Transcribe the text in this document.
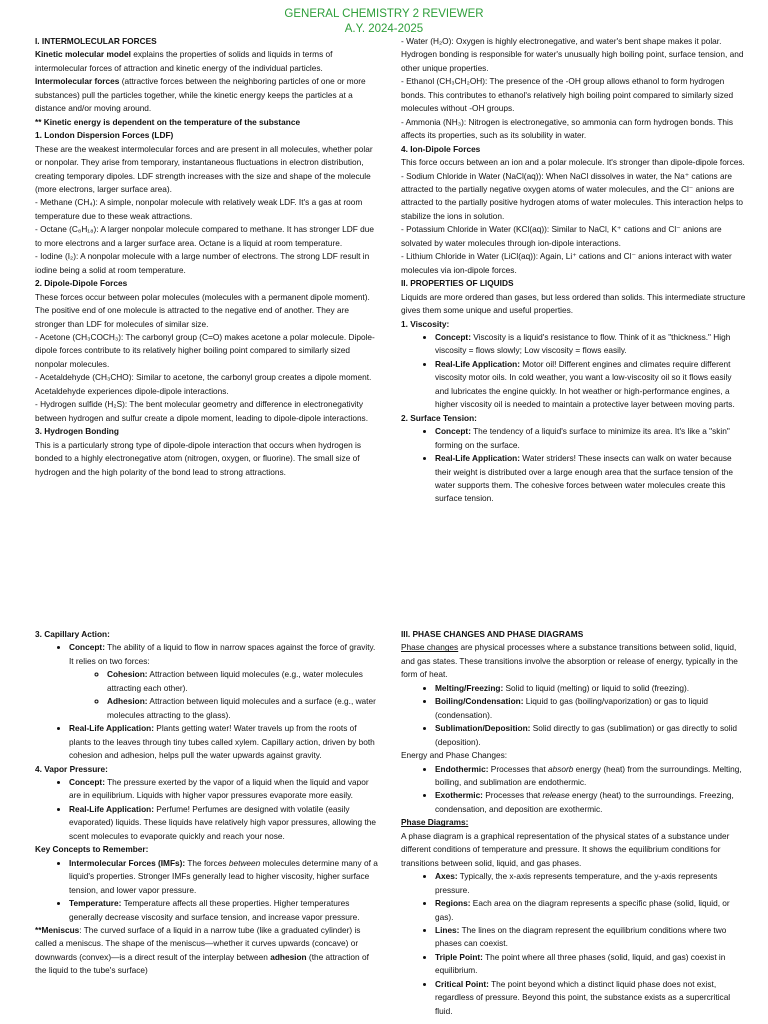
GENERAL CHEMISTRY 2 REVIEWER
A.Y. 2024-2025

I. INTERMOLECULAR FORCES

Kinetic molecular model explains the properties of solids and liquids in terms of intermolecular forces of attraction and kinetic energy of the individual particles.

Intermolecular forces (attractive forces between the neighboring particles of one or more substances) pull the particles together, while the kinetic energy keeps the particles at a distance and/or moving around.

** Kinetic energy is dependent on the temperature of the substance

1. London Dispersion Forces (LDF)

These are the weakest intermolecular forces and are present in all molecules, whether polar or nonpolar. They arise from temporary, instantaneous fluctuations in electron distribution, creating temporary dipoles. LDF strength increases with the size and shape of the molecule (more electrons, larger surface area).

- Methane (CH₄): A simple, nonpolar molecule with relatively weak LDF. It's a gas at room temperature due to these weak attractions.

- Octane (C₈H₁₈): A larger nonpolar molecule compared to methane. It has stronger LDF due to more electrons and a larger surface area. Octane is a liquid at room temperature.

- Iodine (I₂): A nonpolar molecule with a large number of electrons. The strong LDF result in iodine being a solid at room temperature.

2. Dipole-Dipole Forces

These forces occur between polar molecules (molecules with a permanent dipole moment). The positive end of one molecule is attracted to the negative end of another. They are stronger than LDF for molecules of similar size.

- Acetone (CH₃COCH₃): The carbonyl group (C=O) makes acetone a polar molecule. Dipole-dipole forces contribute to its relatively higher boiling point compared to similarly sized nonpolar molecules.

- Acetaldehyde (CH₃CHO): Similar to acetone, the carbonyl group creates a dipole moment. Acetaldehyde experiences dipole-dipole interactions.

- Hydrogen sulfide (H₂S): The bent molecular geometry and difference in electronegativity between hydrogen and sulfur create a dipole moment, leading to dipole-dipole interactions.

3. Hydrogen Bonding

This is a particularly strong type of dipole-dipole interaction that occurs when hydrogen is bonded to a highly electronegative atom (nitrogen, oxygen, or fluorine). The small size of hydrogen and the high polarity of the bond lead to strong attractions.

- Water (H₂O): Oxygen is highly electronegative, and water's bent shape makes it polar. Hydrogen bonding is responsible for water's unusually high boiling point, surface tension, and other unique properties.

- Ethanol (CH₃CH₂OH): The presence of the -OH group allows ethanol to form hydrogen bonds. This contributes to ethanol's relatively high boiling point compared to similarly sized molecules without -OH groups.

- Ammonia (NH₃): Nitrogen is electronegative, so ammonia can form hydrogen bonds. This affects its properties, such as its solubility in water.

4. Ion-Dipole Forces

This force occurs between an ion and a polar molecule. It's stronger than dipole-dipole forces.

- Sodium Chloride in Water (NaCl(aq)): When NaCl dissolves in water, the Na⁺ cations are attracted to the partially negative oxygen atoms of water molecules, and the Cl⁻ anions are attracted to the partially positive hydrogen atoms of water molecules. This interaction helps to stabilize the ions in solution.

- Potassium Chloride in Water (KCl(aq)): Similar to NaCl, K⁺ cations and Cl⁻ anions are solvated by water molecules through ion-dipole interactions.

- Lithium Chloride in Water (LiCl(aq)): Again, Li⁺ cations and Cl⁻ anions interact with water molecules via ion-dipole forces.

II. PROPERTIES OF LIQUIDS

Liquids are more ordered than gases, but less ordered than solids. This intermediate structure gives them some unique and useful properties.

1. Viscosity:

• Concept: Viscosity is a liquid's resistance to flow. Think of it as "thickness." High viscosity = flows slowly; Low viscosity = flows easily.
• Real-Life Application: Motor oil! Different engines and climates require different viscosity motor oils. In cold weather, you want a low-viscosity oil so it flows easily and lubricates the engine quickly. In hot weather or high-performance engines, a higher viscosity oil is needed to maintain a protective layer between moving parts.

2. Surface Tension:

• Concept: The tendency of a liquid's surface to minimize its area. It's like a "skin" forming on the surface.
• Real-Life Application: Water striders! These insects can walk on water because their weight is distributed over a large enough area that the surface tension of the water supports them. The cohesive forces between water molecules create this surface tension.

3. Capillary Action:

• Concept: The ability of a liquid to flow in narrow spaces against the force of gravity. It relies on two forces:
◦ Cohesion: Attraction between liquid molecules (e.g., water molecules attracting each other).
◦ Adhesion: Attraction between liquid molecules and a surface (e.g., water molecules attracting to the glass).
• Real-Life Application: Plants getting water! Water travels up from the roots of plants to the leaves through tiny tubes called xylem. Capillary action, driven by both cohesion and adhesion, helps pull the water upwards against gravity.

4. Vapor Pressure:

• Concept: The pressure exerted by the vapor of a liquid when the liquid and vapor are in equilibrium. Liquids with higher vapor pressures evaporate more easily.
• Real-Life Application: Perfume! Perfumes are designed with volatile (easily evaporated) liquids. These liquids have relatively high vapor pressures, allowing the scent molecules to evaporate quickly and reach your nose.

Key Concepts to Remember:

• Intermolecular Forces (IMFs): The forces between molecules determine many of a liquid's properties. Stronger IMFs generally lead to higher viscosity, higher surface tension, and lower vapor pressure.
• Temperature: Temperature affects all these properties. Higher temperatures generally decrease viscosity and surface tension, and increase vapor pressure.

**Meniscus: The curved surface of a liquid in a narrow tube (like a graduated cylinder) is called a meniscus. The shape of the meniscus—whether it curves upwards (concave) or downwards (convex)—is a direct result of the interplay between adhesion (the attraction of the liquid to the tube's surface)

III. PHASE CHANGES AND PHASE DIAGRAMS

Phase changes are physical processes where a substance transitions between solid, liquid, and gas states. These transitions involve the absorption or release of energy, typically in the form of heat.

• Melting/Freezing: Solid to liquid (melting) or liquid to solid (freezing).
• Boiling/Condensation: Liquid to gas (boiling/vaporization) or gas to liquid (condensation).
• Sublimation/Deposition: Solid directly to gas (sublimation) or gas directly to solid (deposition).

Energy and Phase Changes:

• Endothermic: Processes that absorb energy (heat) from the surroundings. Melting, boiling, and sublimation are endothermic.
• Exothermic: Processes that release energy (heat) to the surroundings. Freezing, condensation, and deposition are exothermic.

Phase Diagrams:

A phase diagram is a graphical representation of the physical states of a substance under different conditions of temperature and pressure. It shows the equilibrium conditions for transitions between solid, liquid, and gas phases.

• Axes: Typically, the x-axis represents temperature, and the y-axis represents pressure.
• Regions: Each area on the diagram represents a specific phase (solid, liquid, or gas).
• Lines: The lines on the diagram represent the equilibrium conditions where two phases can coexist.
• Triple Point: The point where all three phases (solid, liquid, and gas) coexist in equilibrium.
• Critical Point: The point beyond which a distinct liquid phase does not exist, regardless of pressure. Beyond this point, the substance exists as a supercritical fluid.
